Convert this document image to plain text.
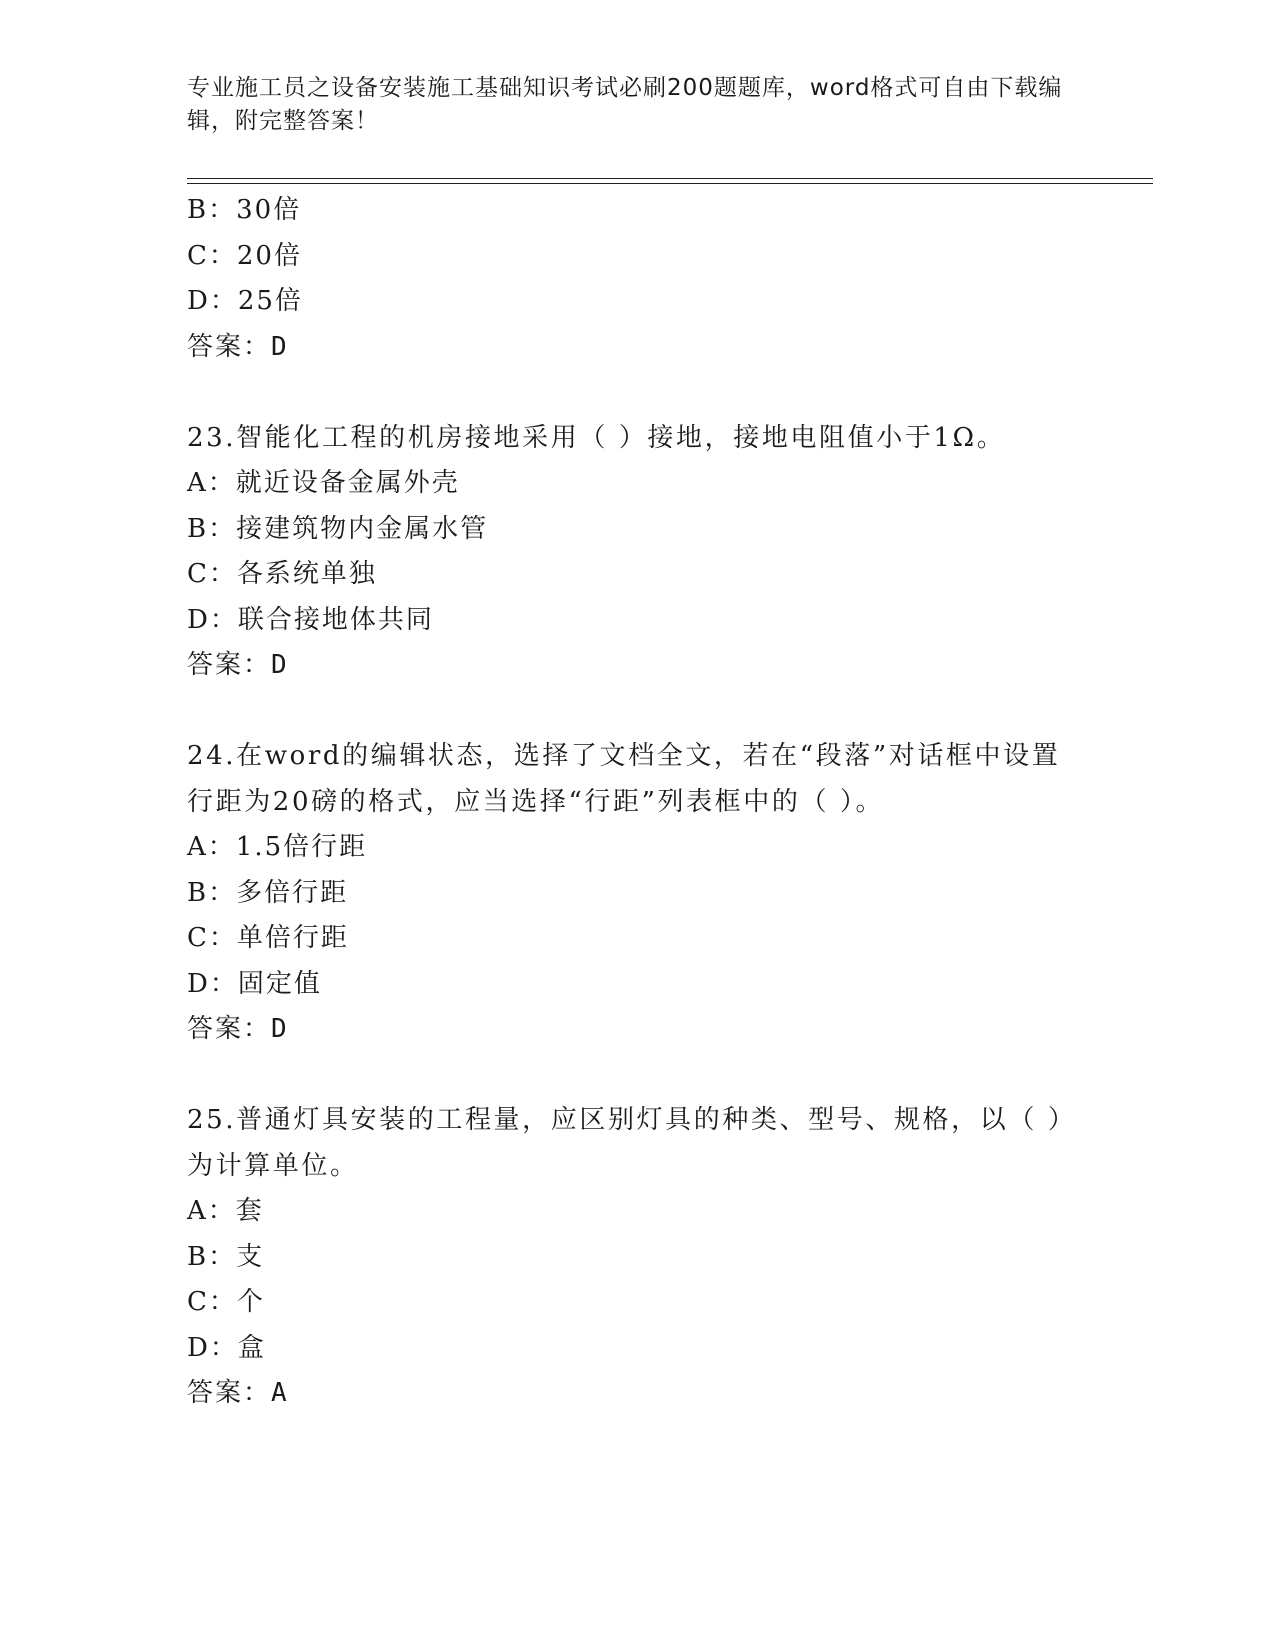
专业施工员之设备安装施工基础知识考试必刷200题题库，word格式可自由下载编辑，附完整答案！
B：30倍
C：20倍
D：25倍
答案：D
23.智能化工程的机房接地采用（ ）接地，接地电阻值小于1Ω。
A：就近设备金属外壳
B：接建筑物内金属水管
C：各系统单独
D：联合接地体共同
答案：D
24.在word的编辑状态，选择了文档全文，若在“段落”对话框中设置行距为20磅的格式，应当选择“行距”列表框中的（ ）。
A：1.5倍行距
B：多倍行距
C：单倍行距
D：固定值
答案：D
25.普通灯具安装的工程量，应区别灯具的种类、型号、规格，以（ ）为计算单位。
A：套
B：支
C：个
D：盒
答案：A
